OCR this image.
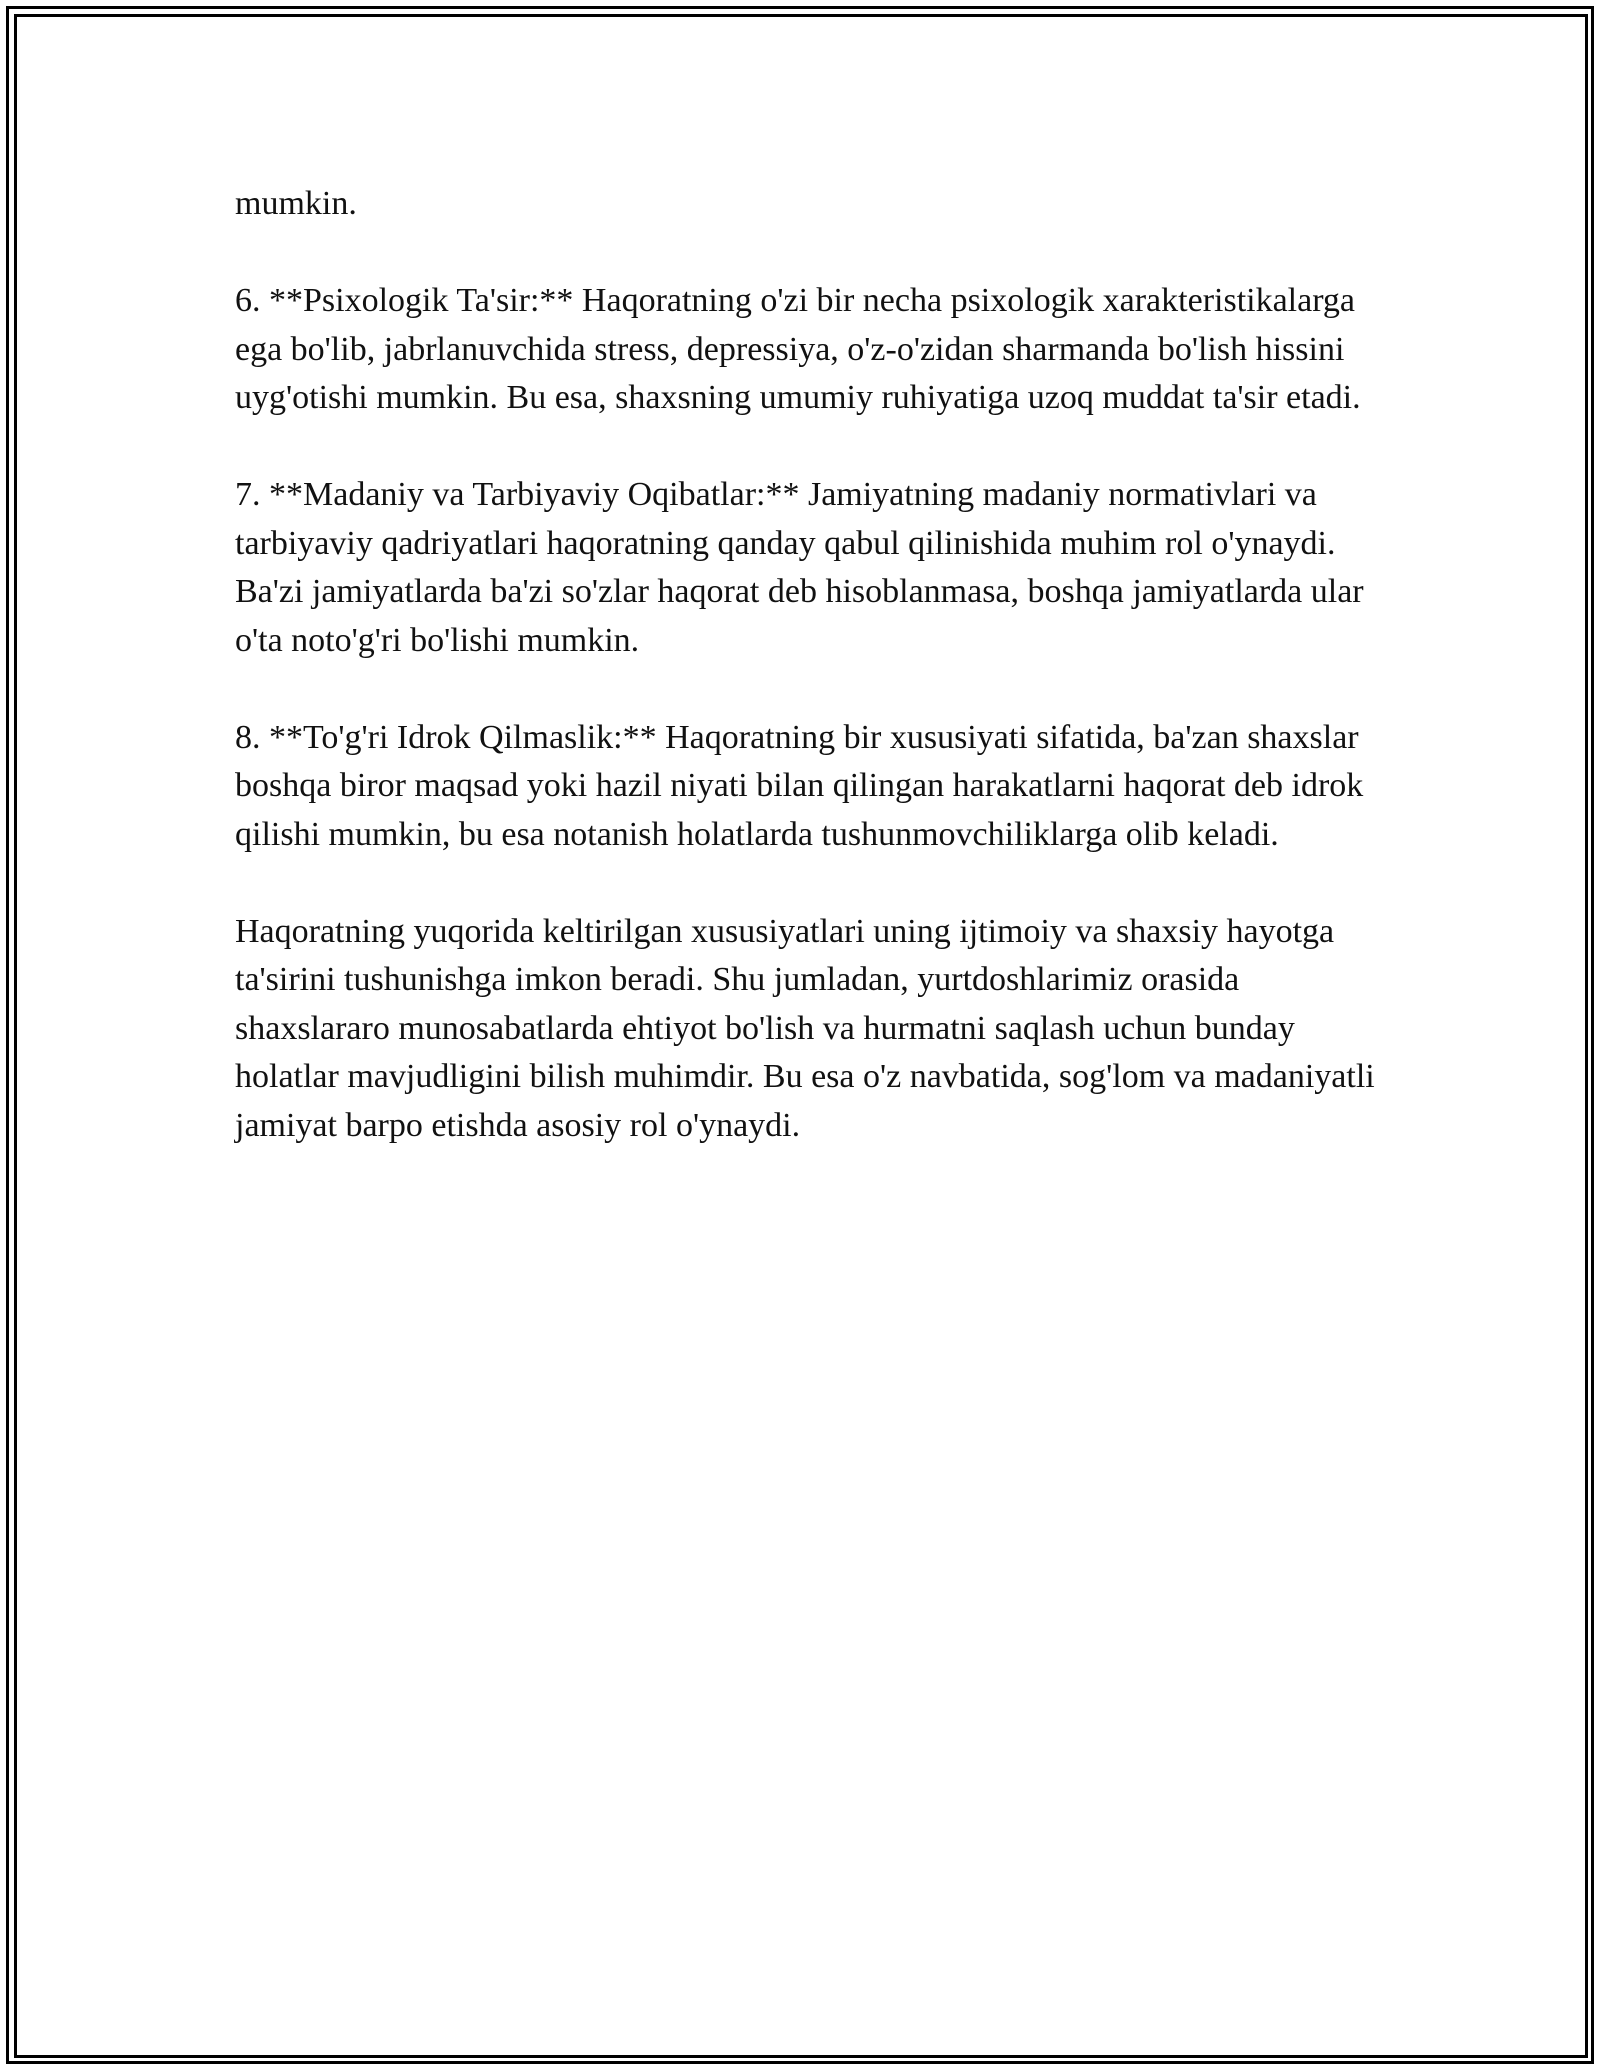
mumkin.

6. **Psixologik Ta'sir:** Haqoratning o'zi bir necha psixologik xarakteristikalarga ega bo'lib, jabrlanuvchida stress, depressiya, o'z-o'zidan sharmanda bo'lish hissini uyg'otishi mumkin. Bu esa, shaxsning umumiy ruhiyatiga uzoq muddat ta'sir etadi.

7. **Madaniy va Tarbiyaviy Oqibatlar:** Jamiyatning madaniy normativlari va tarbiyaviy qadriyatlari haqoratning qanday qabul qilinishida muhim rol o'ynaydi. Ba'zi jamiyatlarda ba'zi so'zlar haqorat deb hisoblanmasa, boshqa jamiyatlarda ular o'ta noto'g'ri bo'lishi mumkin.

8. **To'g'ri Idrok Qilmaslik:** Haqoratning bir xususiyati sifatida, ba'zan shaxslar boshqa biror maqsad yoki hazil niyati bilan qilingan harakatlarni haqorat deb idrok qilishi mumkin, bu esa notanish holatlarda tushunmovchiliklarga olib keladi.

Haqoratning yuqorida keltirilgan xususiyatlari uning ijtimoiy va shaxsiy hayotga ta'sirini tushunishga imkon beradi. Shu jumladan, yurtdoshlarimiz orasida shaxslararo munosabatlarda ehtiyot bo'lish va hurmatni saqlash uchun bunday holatlar mavjudligini bilish muhimdir. Bu esa o'z navbatida, sog'lom va madaniyatli jamiyat barpo etishda asosiy rol o'ynaydi.
